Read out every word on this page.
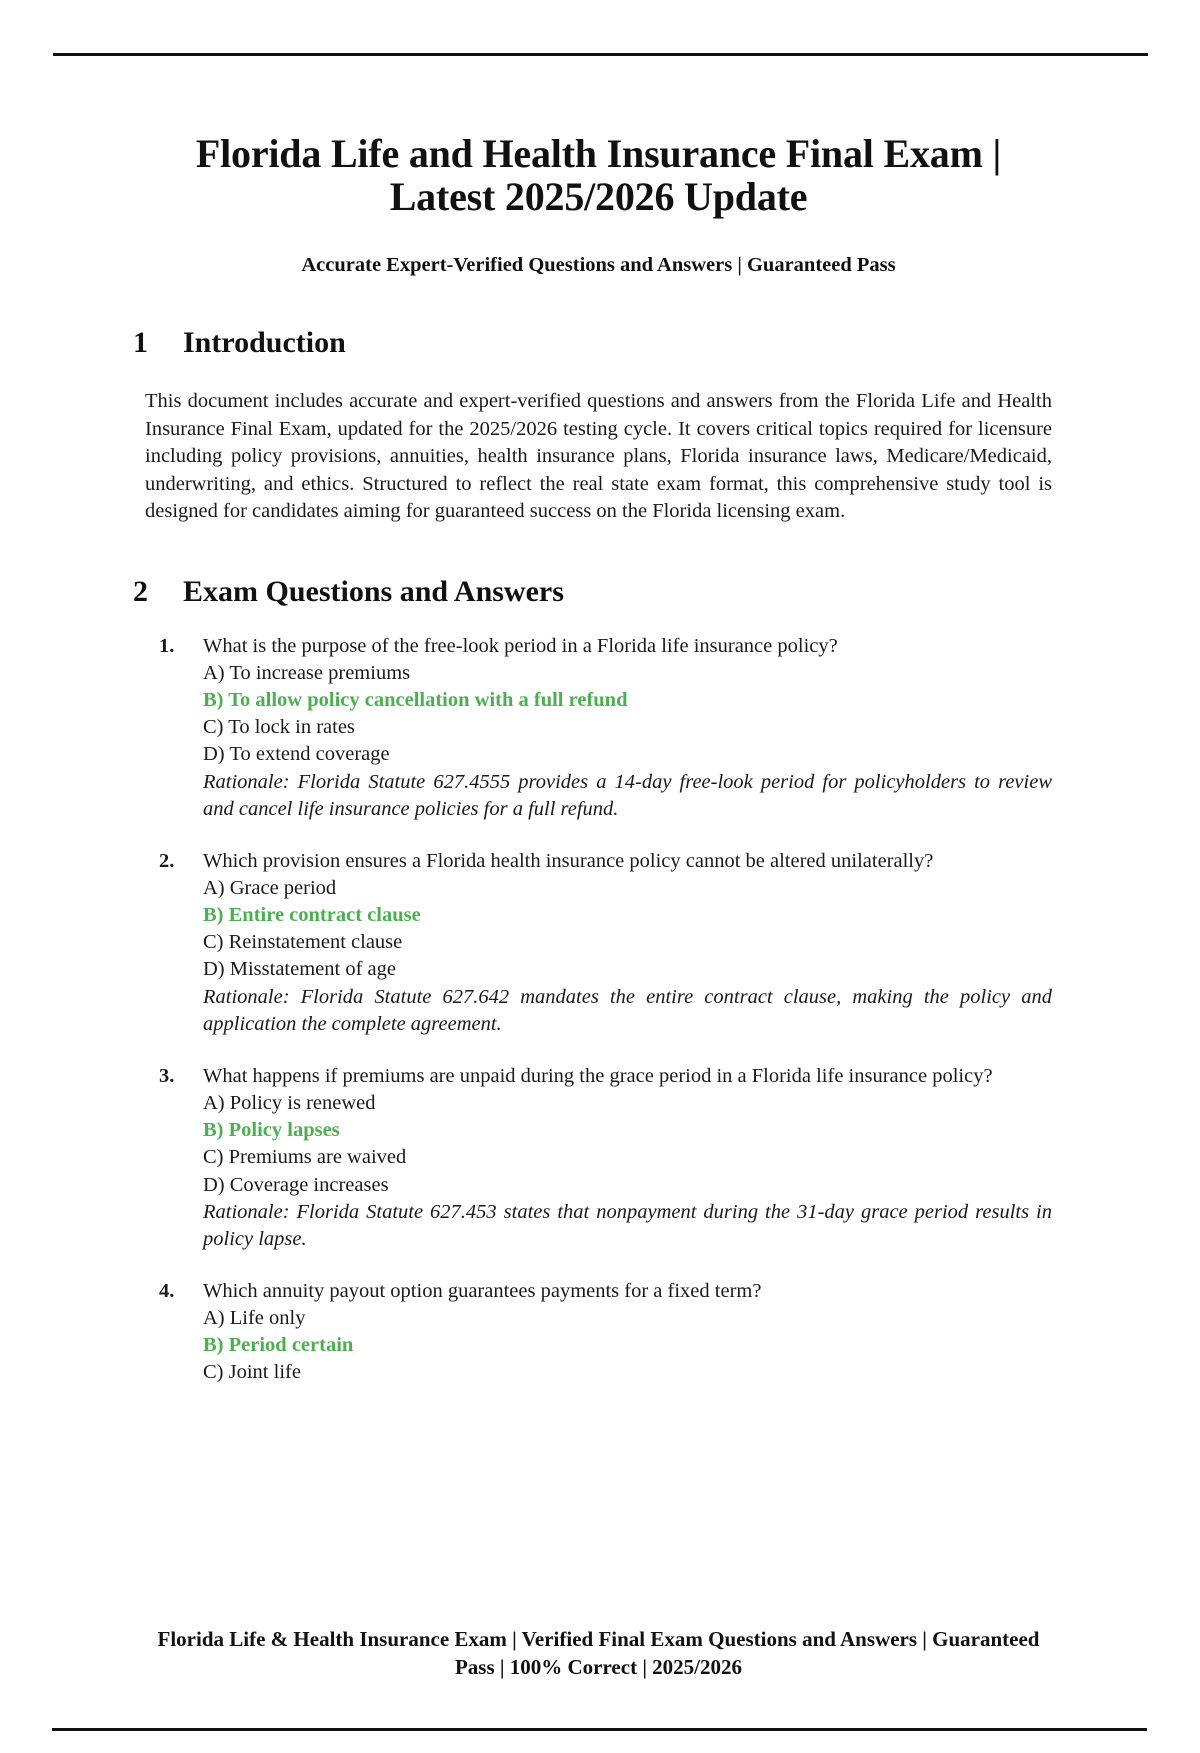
Florida Life and Health Insurance Final Exam | Latest 2025/2026 Update
Accurate Expert-Verified Questions and Answers | Guaranteed Pass
1	Introduction

This document includes accurate and expert-verified questions and answers from the Florida Life and Health Insurance Final Exam, updated for the 2025/2026 testing cycle. It covers critical topics required for licensure including policy provisions, annuities, health insurance plans, Florida insurance laws, Medicare/Medicaid, underwriting, and ethics. Structured to reflect the real state exam format, this comprehensive study tool is designed for candidates aiming for guaranteed success on the Florida licensing exam.

2	Exam Questions and Answers
1. What is the purpose of the free-look period in a Florida life insurance policy?
A) To increase premiums
B) To allow policy cancellation with a full refund
C) To lock in rates
D) To extend coverage
Rationale: Florida Statute 627.4555 provides a 14-day free-look period for policyholders to review and cancel life insurance policies for a full refund.
2. Which provision ensures a Florida health insurance policy cannot be altered unilaterally?
A) Grace period
B) Entire contract clause
C) Reinstatement clause
D) Misstatement of age
Rationale: Florida Statute 627.642 mandates the entire contract clause, making the policy and application the complete agreement.
3. What happens if premiums are unpaid during the grace period in a Florida life insurance policy?
A) Policy is renewed
B) Policy lapses
C) Premiums are waived
D) Coverage increases
Rationale: Florida Statute 627.453 states that nonpayment during the 31-day grace period results in policy lapse.
4. Which annuity payout option guarantees payments for a fixed term?
A) Life only
B) Period certain
C) Joint life
Florida Life & Health Insurance Exam | Verified Final Exam Questions and Answers | Guaranteed Pass | 100% Correct | 2025/2026
